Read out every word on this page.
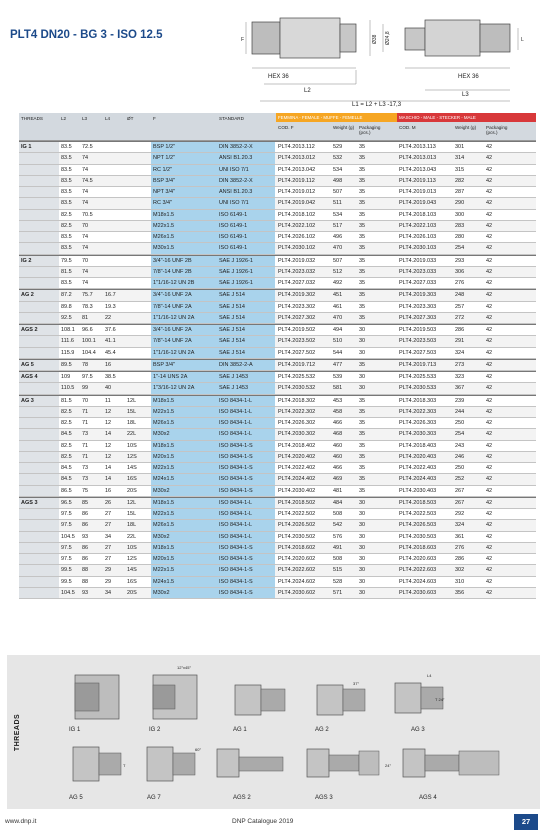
PLT4 DN20 - BG 3 - ISO 12.5
HEX 36	HEX 36
L2
L3
L1 = L2 + L3 -17,3
F	Ø38 Ø24,8	L
THREADS	L2	L3	L4	ØT	F	STANDARD	FEMMINA - FEMALE - MUFFE - FEMELLE	MASCHIO - MALE - STECKER - MALE
COD. F	Weight (g) Packaging (pcs.)
COD. M	Weight (g) Packaging (pcs.)
IG 1	83.5 72.5	BSP 1/2"	DIN 3852-2-X	PLT4.2013.112	529	35	PLT4.2013.113	301	42
83.5 74	NPT 1/2"	ANSI B1.20.3	PLT4.2013.012	532	35	PLT4.2013.013	314	42
83.5 74	RC 1/2"	UNI ISO 7/1	PLT4.2013.042	534	35	PLT4.2013.043	315	42
83.5 74.5	BSP 3/4"	DIN 3852-2-X	PLT4.2019.112	498	35	PLT4.2019.113	282	42
83.5 74	NPT 3/4"	ANSI B1.20.3	PLT4.2019.012	507	35	PLT4.2019.013	287	42
83.5 74	RC 3/4"	UNI ISO 7/1	PLT4.2019.042	511	35	PLT4.2019.043	290	42
82.5 70.5	M18x1.5	ISO 6149-1	PLT4.2018.102	534	35	PLT4.2018.103	300	42
82.5 70	M22x1.5	ISO 6149-1	PLT4.2022.102	517	35	PLT4.2022.103	283	42
83.5 74	M26x1.5	ISO 6149-1	PLT4.2026.102	496	35	PLT4.2026.103	280	42
83.5 74	M30x1.5	ISO 6149-1	PLT4.2030.102	470	35	PLT4.2030.103	254	42
IG 2	79.5 70	3/4"-16 UNF 2B	SAE J 1926-1	PLT4.2019.032	507	35	PLT4.2019.033	293	42
81.5 74	7/8"-14 UNF 2B	SAE J 1926-1	PLT4.2023.032	512	35	PLT4.2023.033	306	42
83.5 74	1"1/16-12 UN 2B	SAE J 1926-1	PLT4.2027.032	492	35	PLT4.2027.033	276	42
AG 2	87.2 75.7 16.7	3/4"-16 UNF 2A	SAE J 514	PLT4.2019.302	451	35	PLT4.2019.303	248	42
89.8 78.3 19.3	7/8"-14 UNF 2A	SAE J 514	PLT4.2023.302	461	35	PLT4.2023.303	257	42
92.5 81	22	1"1/16-12 UN 2A	SAE J 514	PLT4.2027.302	470	35	PLT4.2027.303	272	42
AGS 2	108.1 96.6 37.6	3/4"-16 UNF 2A	SAE J 514	PLT4.2019.502	494	30	PLT4.2019.503	286	42
111.6 100.1 41.1	7/8"-14 UNF 2A	SAE J 514	PLT4.2023.502	510	30	PLT4.2023.503	291	42
115.9 104.4 45.4	1"1/16-12 UN 2A	SAE J 514	PLT4.2027.502	544	30	PLT4.2027.503	324	42
AG 5	89.5 78	16	BSP 3/4"	DIN 3852-2-A	PLT4.2019.712	477	35	PLT4.2019.713	273	42
AGS 4	109 97.5 38.5	1"-14 UNS 2A	SAE J 1453	PLT4.2025.532	539	30	PLT4.2025.533	323	42
110.5 99	40	1"3/16-12 UN 2A	SAE J 1453	PLT4.2030.532	581	30	PLT4.2030.533	367	42
AG 3	81.5 70	11	12L	M18x1.5	ISO 8434-1-L	PLT4.2018.302	453	35	PLT4.2018.303	239	42
82.5 71	12	15L	M22x1.5	ISO 8434-1-L	PLT4.2022.302	458	35	PLT4.2022.303	244	42
82.5 71	12	18L	M26x1.5	ISO 8434-1-L	PLT4.2026.302	466	35	PLT4.2026.303	250	42
84.5 73	14	22L	M30x2	ISO 8434-1-L	PLT4.2030.302	468	35	PLT4.2030.303	254	42
82.5 71	12	10S	M18x1.5	ISO 8434-1-S	PLT4.2018.402	460	35	PLT4.2018.403	243	42
82.5 71	12	12S	M20x1.5	ISO 8434-1-S	PLT4.2020.402	460	35	PLT4.2020.403	246	42
84.5 73	14	14S	M22x1.5	ISO 8434-1-S	PLT4.2022.402	466	35	PLT4.2022.403	250	42
84.5 73	14	16S	M24x1.5	ISO 8434-1-S	PLT4.2024.402	469	35	PLT4.2024.403	252	42
86.5 75	16	20S	M30x2	ISO 8434-1-S	PLT4.2030.402	481	35	PLT4.2030.403	267	42
AGS 3	96.5 85	26	12L	M18x1.5	ISO 8434-1-L	PLT4.2018.502	484	30	PLT4.2018.503	267	42
97.5 86	27	15L	M22x1.5	ISO 8434-1-L	PLT4.2022.502	508	30	PLT4.2022.503	292	42
97.5 86	27	18L	M26x1.5	ISO 8434-1-L	PLT4.2026.502	542	30	PLT4.2026.503	324	42
104.5 93	34	22L	M30x2	ISO 8434-1-L	PLT4.2030.502	576	30	PLT4.2030.503	361	42
97.5 86	27	10S	M18x1.5	ISO 8434-1-S	PLT4.2018.602	491	30	PLT4.2018.603	276	42
97.5 86	27	12S	M20x1.5	ISO 8434-1-S	PLT4.2020.602	508	30	PLT4.2020.603	286	42
99.5 88	29	14S	M22x1.5	ISO 8434-1-S	PLT4.2022.602	515	30	PLT4.2022.603	302	42
99.5 88	29	16S	M24x1.5	ISO 8434-1-S	PLT4.2024.602	528	30	PLT4.2024.603	310	42
104.5 93	34	20S	M30x2	ISO 8434-1-S	PLT4.2030.602	571	30	PLT4.2030.603	356	42
THREADS	IG 1
12°x45°
IG 2	AG 1
37°
AG 2
L4
T 24°
AG 3
T
AG 5
60°
AG 7	AGS 2
24°
AGS 3	AGS 4
www.dnp.it	DNP Catalogue 2019	27
